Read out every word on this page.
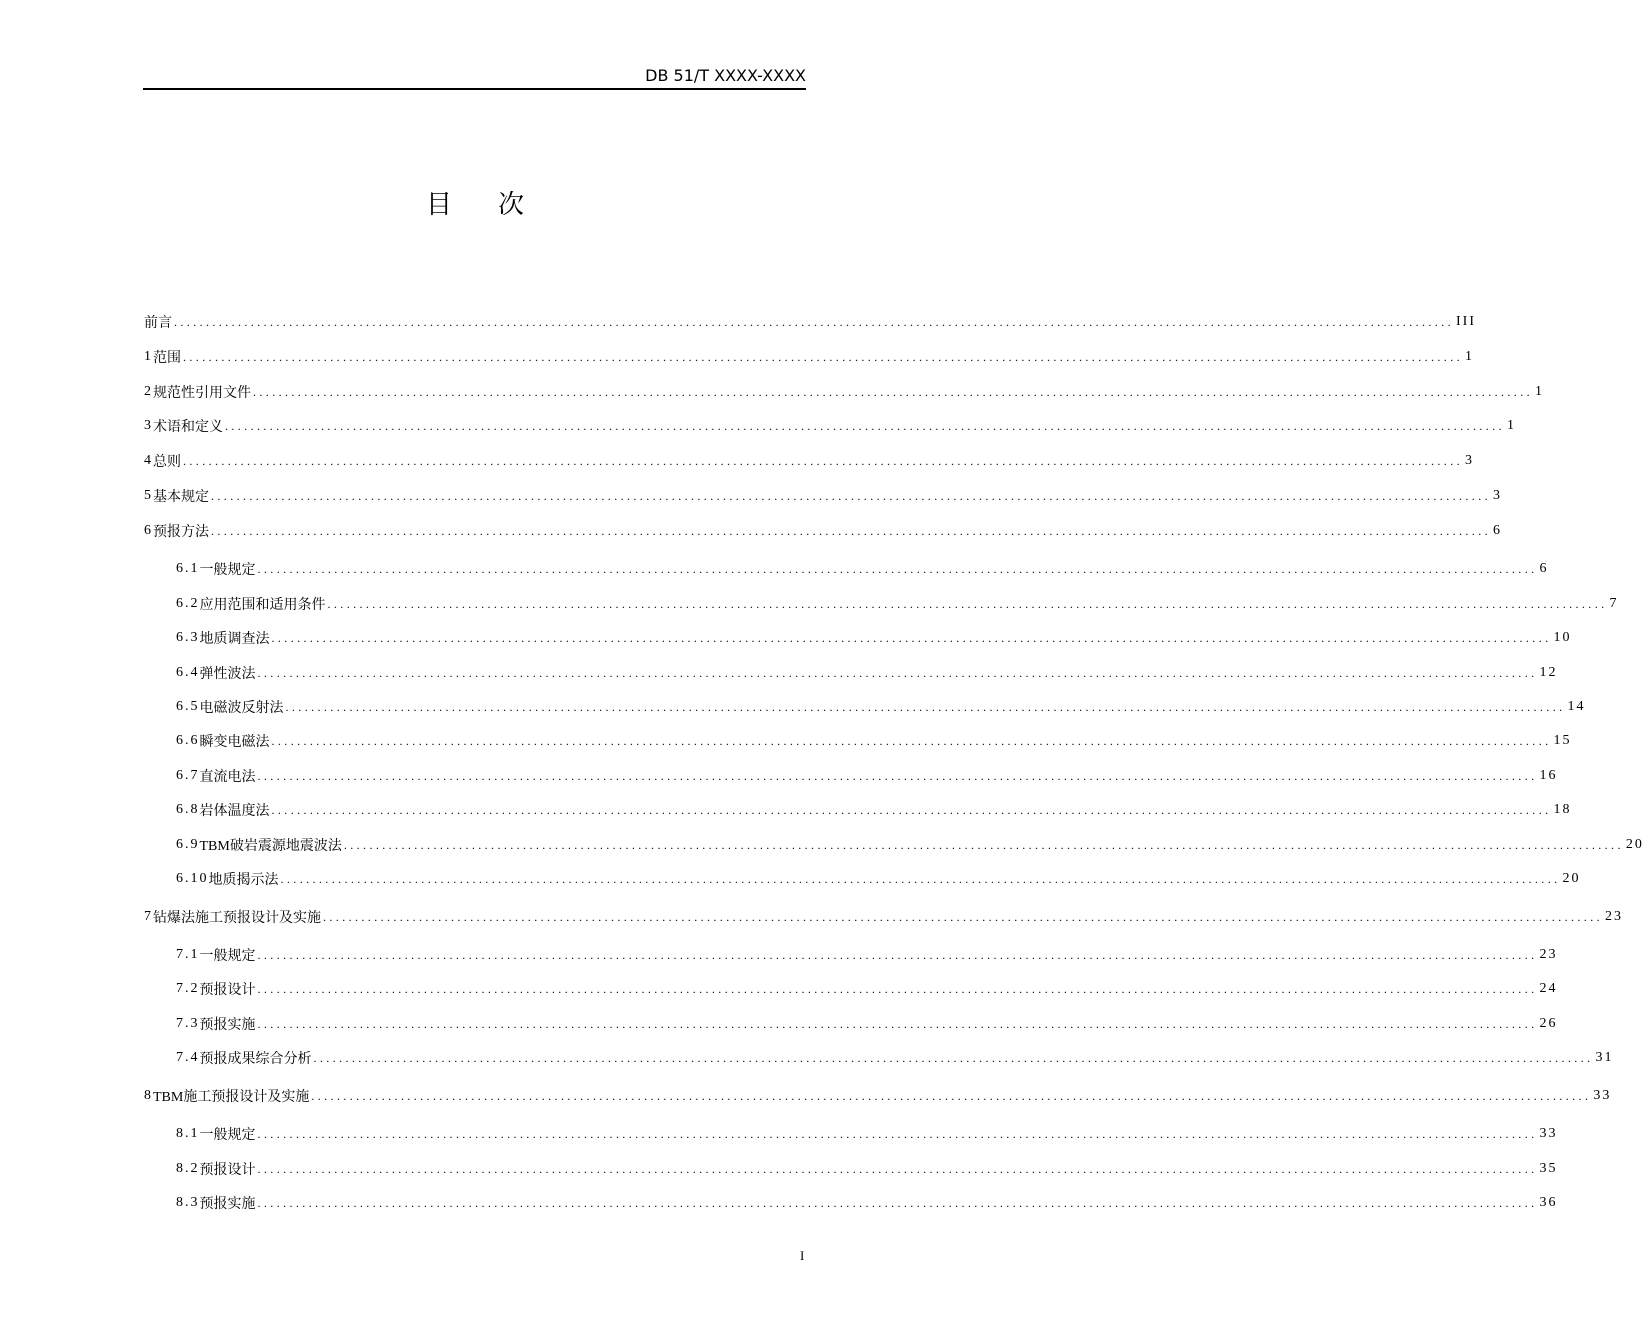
DB 51/T XXXX-XXXX
目 次
前言 ........................................................................................................................................................................................................ III
1 范围 ........................................................................................................................................................................................................ 1
2 规范性引用文件 ........................................................................................................................................................................................................ 1
3 术语和定义 ........................................................................................................................................................................................................ 1
4 总则 ........................................................................................................................................................................................................ 3
5 基本规定 ........................................................................................................................................................................................................ 3
6 预报方法 ........................................................................................................................................................................................................ 6
6.1 一般规定 ........................................................................................................................................................................................................ 6
6.2 应用范围和适用条件 ........................................................................................................................................................................................................ 7
6.3 地质调查法 ........................................................................................................................................................................................................ 10
6.4 弹性波法 ........................................................................................................................................................................................................ 12
6.5 电磁波反射法 ........................................................................................................................................................................................................ 14
6.6 瞬变电磁法 ........................................................................................................................................................................................................ 15
6.7 直流电法 ........................................................................................................................................................................................................ 16
6.8 岩体温度法 ........................................................................................................................................................................................................ 18
6.9 TBM破岩震源地震波法 ........................................................................................................................................................................................................ 20
6.10 地质揭示法 ........................................................................................................................................................................................................ 20
7 钻爆法施工预报设计及实施 ........................................................................................................................................................................................................ 23
7.1 一般规定 ........................................................................................................................................................................................................ 23
7.2 预报设计 ........................................................................................................................................................................................................ 24
7.3 预报实施 ........................................................................................................................................................................................................ 26
7.4 预报成果综合分析 ........................................................................................................................................................................................................ 31
8 TBM施工预报设计及实施 ........................................................................................................................................................................................................ 33
8.1 一般规定 ........................................................................................................................................................................................................ 33
8.2 预报设计 ........................................................................................................................................................................................................ 35
8.3 预报实施 ........................................................................................................................................................................................................ 36
I
